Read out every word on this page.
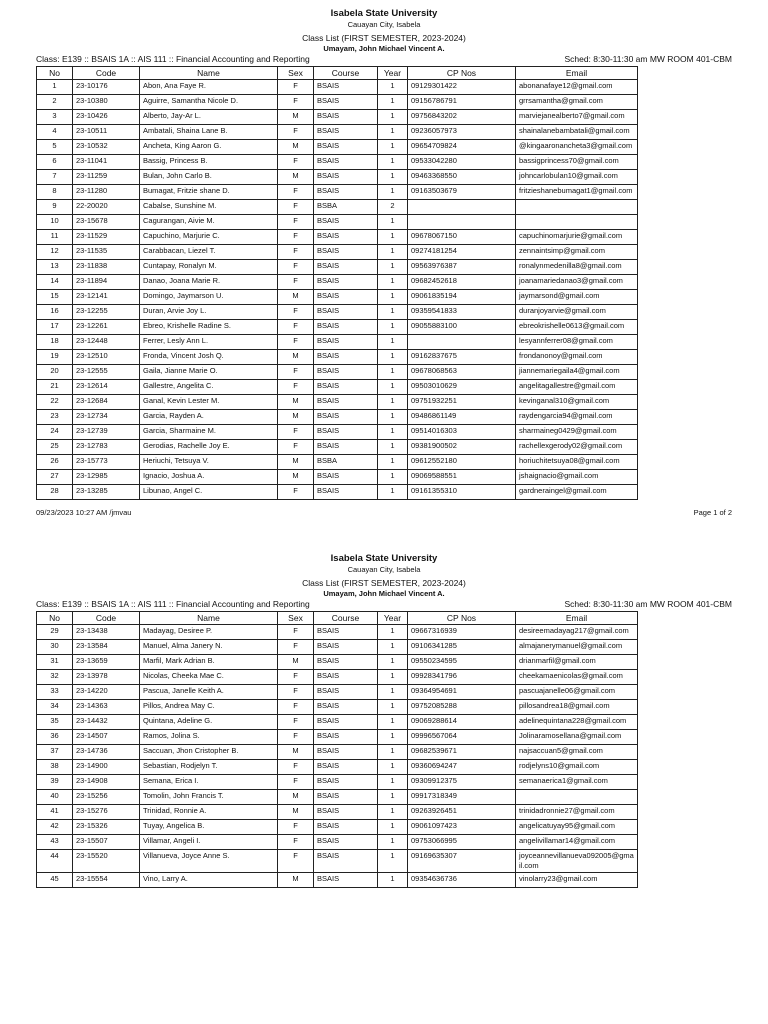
Isabela State University
Cauayan City, Isabela
Class List (FIRST SEMESTER, 2023-2024)
Umayam, John Michael Vincent A.
Class: E139 :: BSAIS 1A :: AIS 111 :: Financial Accounting and Reporting	Sched: 8:30-11:30 am MW ROOM 401-CBM
No	Code	Name	Sex	Course	Year	CP Nos	Email
1	23-10176	Abon, Ana Faye R.	F	BSAIS	1	09129301422	abonanafaye12@gmail.com
2	23-10380	Aguirre, Samantha Nicole D.	F	BSAIS	1	09156786791	grrsamantha@gmail.com
3	23-10426	Alberto, Jay-Ar L.	M	BSAIS	1	09756843202	marviejanealberto7@gmail.com
4	23-10511	Ambatali, Shaina Lane B.	F	BSAIS	1	09236057973	shainalanebambatali@gmail.com
5	23-10532	Ancheta, King Aaron G.	M	BSAIS	1	09654709824	@kingaaronancheta3@gmail.com
6	23-11041	Bassig, Princess B.	F	BSAIS	1	09533042280	bassigprincess70@gmail.com
7	23-11259	Bulan, John Carlo B.	M	BSAIS	1	09463368550	johncarlobulan10@gmail.com
8	23-11280	Bumagat, Fritzie shane D.	F	BSAIS	1	09163503679	fritzieshanebumagat1@gmail.com
9	22-20020	Cabalse, Sunshine M.	F	BSBA	2		
10	23-15678	Cagurangan, Aivie M.	F	BSAIS	1		
11	23-11529	Capuchino, Marjurie C.	F	BSAIS	1	09678067150	capuchinomarjurie@gmail.com
12	23-11535	Carabbacan, Liezel T.	F	BSAIS	1	09274181254	zennaintsimp@gmail.com
13	23-11838	Cuntapay, Ronalyn M.	F	BSAIS	1	09563976387	ronalynmedenilla8@gmail.com
14	23-11894	Danao, Joana Marie R.	F	BSAIS	1	09682452618	joanamariedanao3@gmail.com
15	23-12141	Domingo, Jaymarson U.	M	BSAIS	1	09061835194	jaymarsond@gmail.com
16	23-12255	Duran, Arvie Joy L.	F	BSAIS	1	09359541833	duranjoyarvie@gmail.com
17	23-12261	Ebreo, Krishelle Radine S.	F	BSAIS	1	09055883100	ebreokrishelle0613@gmail.com
18	23-12448	Ferrer, Lesly Ann L.	F	BSAIS	1		lesyannferrer08@gmail.com
19	23-12510	Fronda, Vincent Josh Q.	M	BSAIS	1	09162837675	frondanonoy@gmail.com
20	23-12555	Gaila, Jianne Marie O.	F	BSAIS	1	09678068563	jiannemariegaila4@gmail.com
21	23-12614	Gallestre, Angelita C.	F	BSAIS	1	09503010629	angelitagallestre@gmail.com
22	23-12684	Ganal, Kevin Lester M.	M	BSAIS	1	09751932251	kevinganal310@gmail.com
23	23-12734	Garcia, Rayden A.	M	BSAIS	1	09486861149	raydengarcia94@gmail.com
24	23-12739	Garcia, Sharmaine M.	F	BSAIS	1	09514016303	sharmaineg0429@gmail.com
25	23-12783	Gerodias, Rachelle Joy E.	F	BSAIS	1	09381900502	rachellexgerody02@gmail.com
26	23-15773	Heriuchi, Tetsuya V.	M	BSBA	1	09612552180	horiuchitetsuya08@gmail.com
27	23-12985	Ignacio, Joshua A.	M	BSAIS	1	09069588551	jshaignacio@gmail.com
28	23-13285	Libunao, Angel C.	F	BSAIS	1	09161355310	gardneraingel@gmail.com
09/23/2023 10:27 AM /jmvau	Page 1 of 2
Isabela State University
Cauayan City, Isabela
Class List (FIRST SEMESTER, 2023-2024)
Umayam, John Michael Vincent A.
Class: E139 :: BSAIS 1A :: AIS 111 :: Financial Accounting and Reporting	Sched: 8:30-11:30 am MW ROOM 401-CBM
No	Code	Name	Sex	Course	Year	CP Nos	Email
29	23-13438	Madayag, Desiree P.	F	BSAIS	1	09667316939	desireemadayag217@gmail.com
30	23-13584	Manuel, Alma Janery N.	F	BSAIS	1	09106341285	almajanerymanuel@gmail.com
31	23-13659	Marfil, Mark Adrian B.	M	BSAIS	1	09550234595	drianmarfil@gmail.com
32	23-13978	Nicolas, Cheeka Mae C.	F	BSAIS	1	09928341796	cheekamaenicolas@gmail.com
33	23-14220	Pascua, Janelle Keith A.	F	BSAIS	1	09364954691	pascuajanelle06@gmail.com
34	23-14363	Pillos, Andrea May C.	F	BSAIS	1	09752085288	pillosandrea18@gmail.com
35	23-14432	Quintana, Adeline G.	F	BSAIS	1	09069288614	adelinequintana228@gmail.com
36	23-14507	Ramos, Jolina S.	F	BSAIS	1	09996567064	Jolinaramosellana@gmail.com
37	23-14736	Saccuan, Jhon Cristopher B.	M	BSAIS	1	09682539671	najsaccuan5@gmail.com
38	23-14900	Sebastian, Rodjelyn T.	F	BSAIS	1	09360694247	rodjelyns10@gmail.com
39	23-14908	Semana, Erica I.	F	BSAIS	1	09309912375	semanaerica1@gmail.com
40	23-15256	Tomolin, John Francis T.	M	BSAIS	1	09917318349	
41	23-15276	Trinidad, Ronnie A.	M	BSAIS	1	09263926451	trinidadronnie27@gmail.com
42	23-15326	Tuyay, Angelica B.	F	BSAIS	1	09061097423	angelicatuyay95@gmail.com
43	23-15507	Villamar, Angeli I.	F	BSAIS	1	09753066995	angelivillamar14@gmail.com
44	23-15520	Villanueva, Joyce Anne S.	F	BSAIS	1	09169635307	joyceannevillanueva092005@gmail.com
45	23-15554	Vino, Larry A.	M	BSAIS	1	09354636736	vinolarry23@gmail.com
